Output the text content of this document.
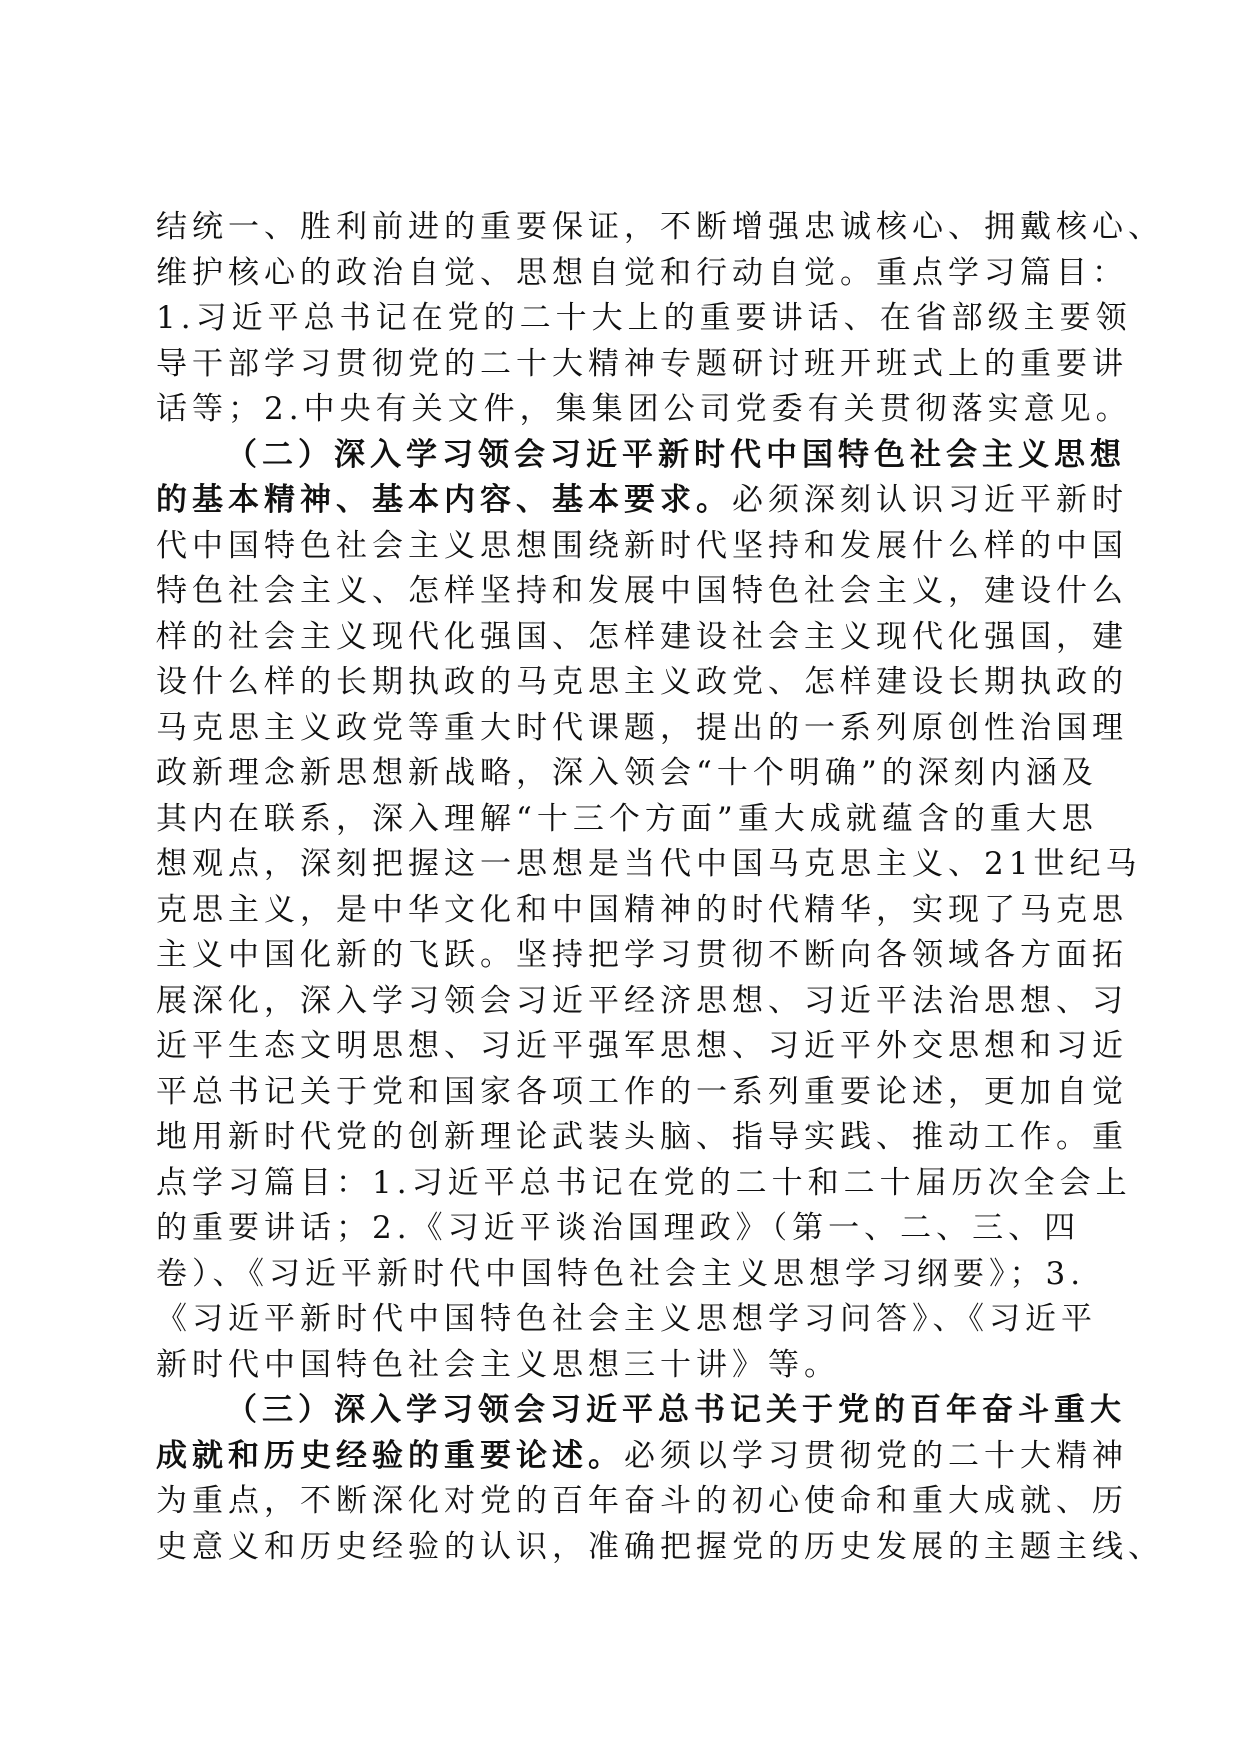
结统一、胜利前进的重要保证，不断增强忠诚核心、拥戴核心、
维护核心的政治自觉、思想自觉和行动自觉。重点学习篇目：
1.习近平总书记在党的二十大上的重要讲话、在省部级主要领
导干部学习贯彻党的二十大精神专题研讨班开班式上的重要讲
话等；2.中央有关文件，集集团公司党委有关贯彻落实意见。
（二）深入学习领会习近平新时代中国特色社会主义思想
的基本精神、基本内容、基本要求。必须深刻认识习近平新时
代中国特色社会主义思想围绕新时代坚持和发展什么样的中国
特色社会主义、怎样坚持和发展中国特色社会主义，建设什么
样的社会主义现代化强国、怎样建设社会主义现代化强国，建
设什么样的长期执政的马克思主义政党、怎样建设长期执政的
马克思主义政党等重大时代课题，提出的一系列原创性治国理
政新理念新思想新战略，深入领会“十个明确”的深刻内涵及
其内在联系，深入理解“十三个方面”重大成就蕴含的重大思
想观点，深刻把握这一思想是当代中国马克思主义、21世纪马
克思主义，是中华文化和中国精神的时代精华，实现了马克思
主义中国化新的飞跃。坚持把学习贯彻不断向各领域各方面拓
展深化，深入学习领会习近平经济思想、习近平法治思想、习
近平生态文明思想、习近平强军思想、习近平外交思想和习近
平总书记关于党和国家各项工作的一系列重要论述，更加自觉
地用新时代党的创新理论武装头脑、指导实践、推动工作。重
点学习篇目：1.习近平总书记在党的二十和二十届历次全会上
的重要讲话；2.《习近平谈治国理政》（第一、二、三、四
卷）、《习近平新时代中国特色社会主义思想学习纲要》；3.
《习近平新时代中国特色社会主义思想学习问答》、《习近平
新时代中国特色社会主义思想三十讲》等。
（三）深入学习领会习近平总书记关于党的百年奋斗重大
成就和历史经验的重要论述。必须以学习贯彻党的二十大精神
为重点，不断深化对党的百年奋斗的初心使命和重大成就、历
史意义和历史经验的认识，准确把握党的历史发展的主题主线、
